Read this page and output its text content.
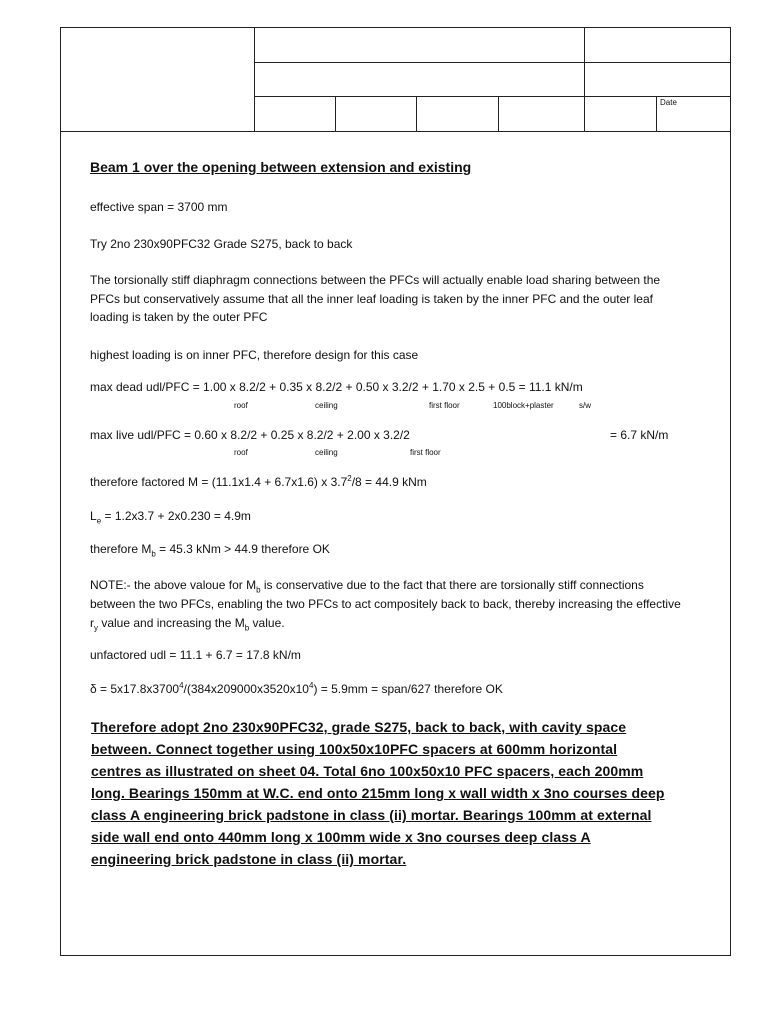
Date
Beam 1 over the opening between extension and existing
effective span = 3700 mm
Try 2no 230x90PFC32 Grade S275, back to back
The torsionally stiff diaphragm connections between the PFCs will actually enable load sharing between the
PFCs but conservatively assume that all the inner leaf loading is taken by the inner PFC and the outer leaf
loading is taken by the outer PFC
highest loading is on inner PFC, therefore design for this case
max dead udl/PFC = 1.00 x 8.2/2 + 0.35 x 8.2/2 + 0.50 x 3.2/2 + 1.70 x 2.5 + 0.5 = 11.1 kN/m
roof	ceiling	first floor	100block+plaster	s/w
max live udl/PFC = 0.60 x 8.2/2 + 0.25 x 8.2/2 + 2.00 x 3.2/2	= 6.7 kN/m
roof	ceiling	first floor
therefore factored M = (11.1x1.4 + 6.7x1.6) x $3.7^2/8 = 44.9$ kNm
$L_e = 1.2x3.7 + 2x0.230 = 4.9m$
therefore $M_b = 45.3$ kNm > 44.9 therefore OK
NOTE:- the above valoue for $M_b$ is conservative due to the fact that there are torsionally stiff connections
between the two PFCs, enabling the two PFCs to act compositely back to back, thereby increasing the effective
$r_y$ value and increasing the $M_b$ value.
unfactored udl = 11.1 + 6.7 = 17.8 kN/m
$\delta = 5x17.8x3700^4/(384x209000x3520x10^4) = 5.9mm$ = span/627 therefore OK
Therefore adopt 2no 230x90PFC32, grade S275, back to back, with cavity space
between. Connect together using 100x50x10PFC spacers at 600mm horizontal
centres as illustrated on sheet 04. Total 6no 100x50x10 PFC spacers, each 200mm
long. Bearings 150mm at W.C. end onto 215mm long x wall width x 3no courses deep
class A engineering brick padstone in class (ii) mortar. Bearings 100mm at external
side wall end onto 440mm long x 100mm wide x 3no courses deep class A
engineering brick padstone in class (ii) mortar.
